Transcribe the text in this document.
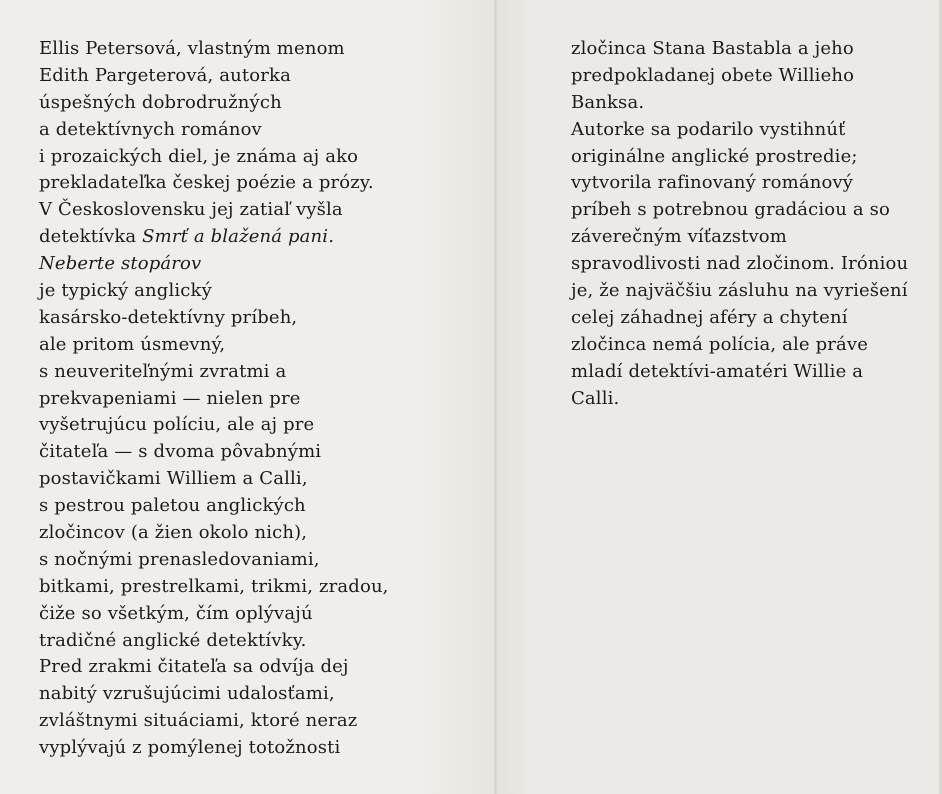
Ellis Petersová, vlastným menom
Edith Pargeterová, autorka
úspešných dobrodružných
a detektívnych románov
i prozaických diel, je známa aj ako
prekladateľka českej poézie a prózy.
V Československu jej zatiaľ vyšla
detektívka Smrť a blažená pani.
Neberte stopárov
je typický anglický
kasársko-detektívny príbeh,
ale pritom úsmevný,
s neuveriteľnými zvratmi a
prekvapeniami — nielen pre
vyšetrujúcu políciu, ale aj pre
čitateľa — s dvoma pôvabnými
postavičkami Williem a Calli,
s pestrou paletou anglických
zločincov (a žien okolo nich),
s nočnými prenasledovaniami,
bitkami, prestrelkami, trikmi, zradou,
čiže so všetkým, čím oplývajú
tradičné anglické detektívky.
Pred zrakmi čitateľa sa odvíja dej
nabitý vzrušujúcimi udalosťami,
zvláštnymi situáciami, ktoré neraz
vyplývajú z pomýlenej totožnosti
zločinca Stana Bastabla a jeho
predpokladanej obete Willieho
Banksa.
Autorke sa podarilo vystihnúť
originálne anglické prostredie;
vytvorila rafinovaný románový
príbeh s potrebnou gradáciou a so
záverečným víťazstvom
spravodlivosti nad zločinom. Iróniou
je, že najväčšiu zásluhu na vyriešení
celej záhadnej aféry a chytení
zločinca nemá polícia, ale práve
mladí detektívi-amatéri Willie a
Calli.
